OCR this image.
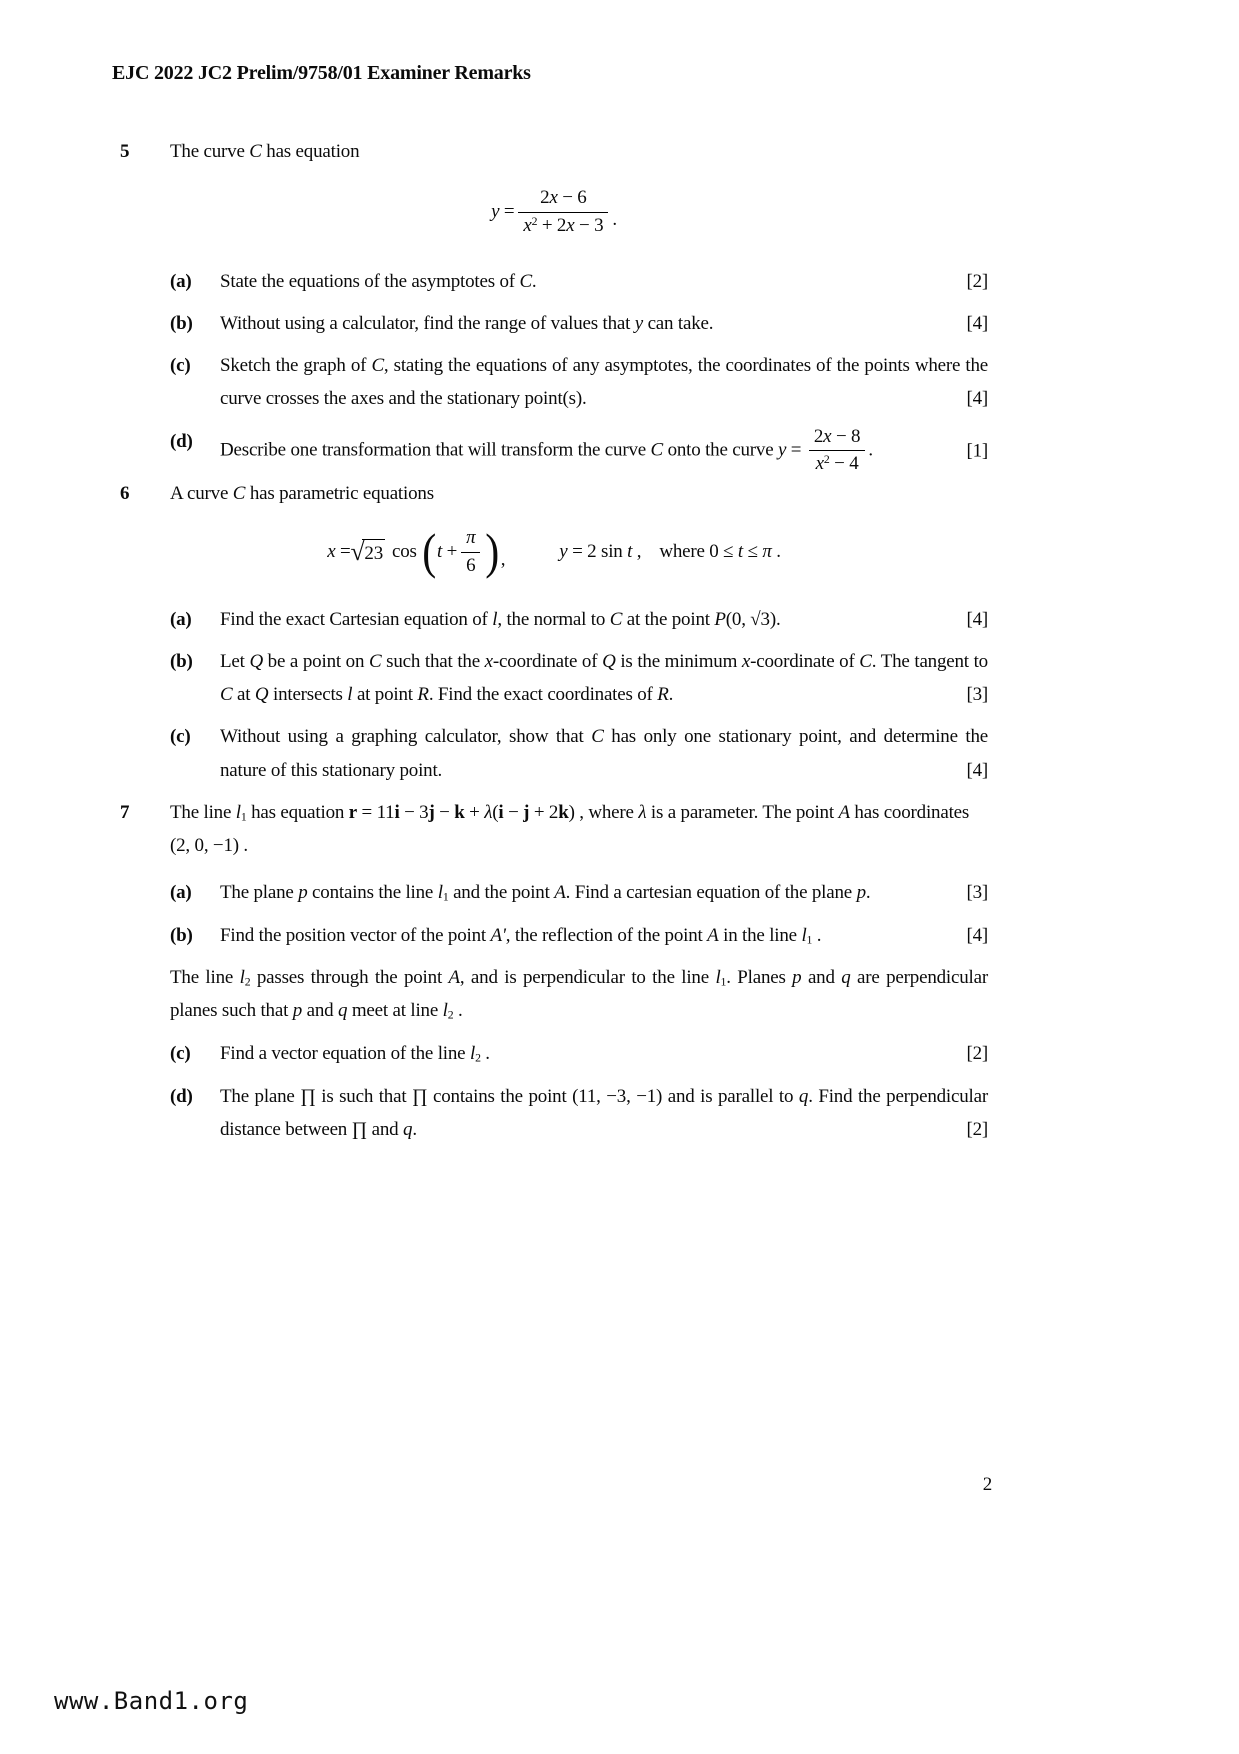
EJC 2022 JC2 Prelim/9758/01 Examiner Remarks
5	The curve C has equation
$y = \frac{2x - 6}{x^2 + 2x - 3}$ .
(a)	State the equations of the asymptotes of C.	[2]
(b)	Without using a calculator, find the range of values that y can take.	[4]
(c)	Sketch the graph of C, stating the equations of any asymptotes, the coordinates of the points where the curve crosses the axes and the stationary point(s).	[4]
(d)	Describe one transformation that will transform the curve C onto the curve $y = \frac{2x - 8}{x^2 - 4}$ .	[1]
6	A curve C has parametric equations
x = √ 23 cos ( $t + \frac{\pi}{6}$ ) ,	y = 2 sin t , where 0 ≤ t ≤ π .
(a)	Find the exact Cartesian equation of l, the normal to C at the point P(0, √3).	[4]
(b)	Let Q be a point on C such that the x-coordinate of Q is the minimum x-coordinate of C. The tangent to C at Q intersects l at point R. Find the exact coordinates of R.	[3]
(c)	Without using a graphing calculator, show that C has only one stationary point, and determine the nature of this stationary point.	[4]
7	The line $l_1$ has equation r = 11i − 3j − k + λ(i − j + 2k) , where λ is a parameter. The point A has coordinates
(2, 0, −1) .
(a)	The plane p contains the line $l_1$ and the point A. Find a cartesian equation of the plane p.	[3]
(b)	Find the position vector of the point A', the reflection of the point A in the line $l_1$ .	[4]
The line $l_2$ passes through the point A, and is perpendicular to the line $l_1$. Planes p and q are perpendicular planes such that p and q meet at line $l_2$ .
(c)	Find a vector equation of the line $l_2$ .	[2]
(d)	The plane ∏ is such that ∏ contains the point (11, −3, −1) and is parallel to q. Find the perpendicular distance between ∏ and q.	[2]
2
www.Band1.org
